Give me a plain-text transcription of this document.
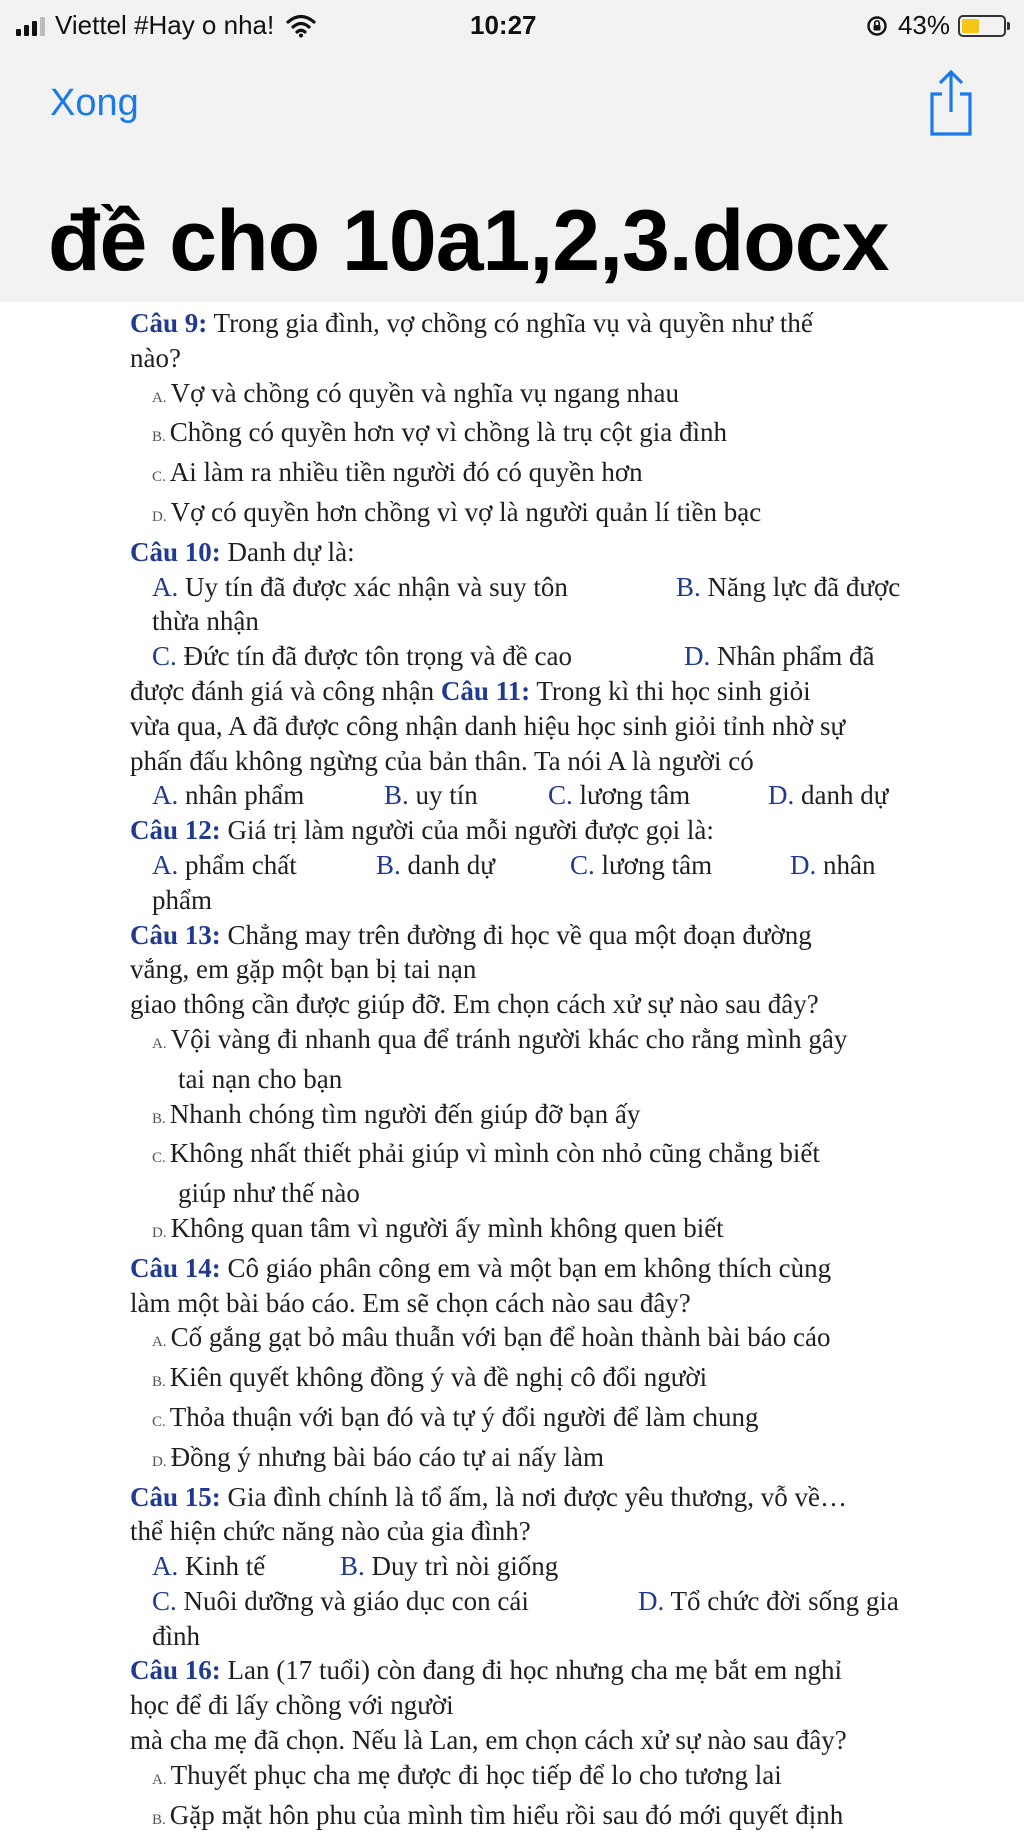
Viettel #Hay o nha!	10:27	43%
Xong
đề cho 10a1,2,3.docx
Câu 9: Trong gia đình, vợ chồng có nghĩa vụ và quyền như thế
nào?
A. Vợ và chồng có quyền và nghĩa vụ ngang nhau
B. Chồng có quyền hơn vợ vì chồng là trụ cột gia đình
C. Ai làm ra nhiều tiền người đó có quyền hơn
D. Vợ có quyền hơn chồng vì vợ là người quản lí tiền bạc
Câu 10: Danh dự là:
A. Uy tín đã được xác nhận và suy tôn	B. Năng lực đã được
thừa nhận
C. Đức tín đã được tôn trọng và đề cao	D. Nhân phẩm đã
được đánh giá và công nhận Câu 11: Trong kì thi học sinh giỏi
vừa qua, A đã được công nhận danh hiệu học sinh giỏi tỉnh nhờ sự
phấn đấu không ngừng của bản thân. Ta nói A là người có
A. nhân phẩm	B. uy tín	C. lương tâm	D. danh dự
Câu 12: Giá trị làm người của mỗi người được gọi là:
A. phẩm chất	B. danh dự	C. lương tâm	D. nhân
phẩm
Câu 13: Chẳng may trên đường đi học về qua một đoạn đường
vắng, em gặp một bạn bị tai nạn
giao thông cần được giúp đỡ. Em chọn cách xử sự nào sau đây?
A. Vội vàng đi nhanh qua để tránh người khác cho rằng mình gây
tai nạn cho bạn
B. Nhanh chóng tìm người đến giúp đỡ bạn ấy
C. Không nhất thiết phải giúp vì mình còn nhỏ cũng chẳng biết
giúp như thế nào
D. Không quan tâm vì người ấy mình không quen biết
Câu 14: Cô giáo phân công em và một bạn em không thích cùng
làm một bài báo cáo. Em sẽ chọn cách nào sau đây?
A. Cố gắng gạt bỏ mâu thuẫn với bạn để hoàn thành bài báo cáo
B. Kiên quyết không đồng ý và đề nghị cô đổi người
C. Thỏa thuận với bạn đó và tự ý đổi người để làm chung
D. Đồng ý nhưng bài báo cáo tự ai nấy làm
Câu 15: Gia đình chính là tổ ấm, là nơi được yêu thương, vỗ về…
thể hiện chức năng nào của gia đình?
A. Kinh tế	B. Duy trì nòi giống
C. Nuôi dưỡng và giáo dục con cái	D. Tổ chức đời sống gia
đình
Câu 16: Lan (17 tuổi) còn đang đi học nhưng cha mẹ bắt em nghỉ
học để đi lấy chồng với người
mà cha mẹ đã chọn. Nếu là Lan, em chọn cách xử sự nào sau đây?
A. Thuyết phục cha mẹ được đi học tiếp để lo cho tương lai
B. Gặp mặt hôn phu của mình tìm hiểu rồi sau đó mới quyết định
